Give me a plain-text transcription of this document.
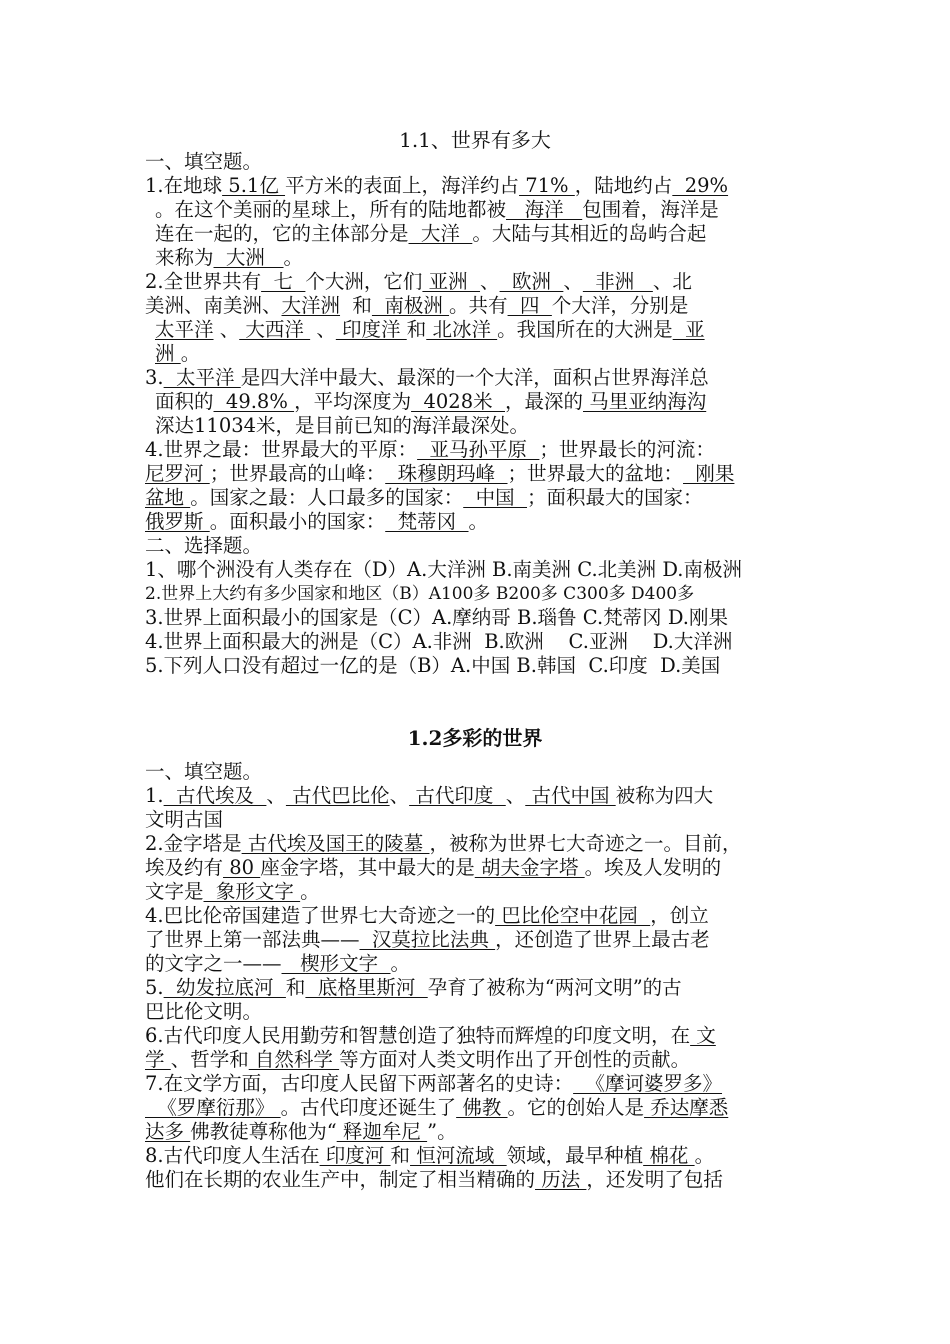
1.1、世界有多大
一、填空题。
1.在地球 5.1亿 平方米的表面上，海洋约占 71% ，陆地约占  29%
。在这个美丽的星球上，所有的陆地都被   海洋   包围着，海洋是
连在一起的，它的主体部分是  大洋  。大陆与其相近的岛屿合起
来称为  大洲   。
2.全世界共有  七  个大洲，它们 亚洲  、  欧洲  、  非洲   、北
美洲、南美洲、大洋洲  和  南极洲 。共有  四  个大洋，分别是
太平洋 、 大西洋  、 印度洋 和 北冰洋 。我国所在的大洲是  亚
洲 。
3.  太平洋 是四大洋中最大、最深的一个大洋，面积占世界海洋总
面积的  49.8% ，平均深度为  4028米  ，最深的 马里亚纳海沟
深达11034米，是目前已知的海洋最深处。
4.世界之最：世界最大的平原：  亚马孙平原  ；世界最长的河流：
尼罗河 ；世界最高的山峰：  珠穆朗玛峰  ；世界最大的盆地：  刚果
盆地 。国家之最：人口最多的国家：  中国  ；面积最大的国家：
俄罗斯 。面积最小的国家：  梵蒂冈  。
二、选择题。
1、哪个洲没有人类存在（D）A.大洋洲 B.南美洲 C.北美洲 D.南极洲
2.世界上大约有多少国家和地区（B）A100多 B200多 C300多 D400多
3.世界上面积最小的国家是（C）A.摩纳哥 B.瑙鲁 C.梵蒂冈 D.刚果
4.世界上面积最大的洲是（C）A.非洲  B.欧洲    C.亚洲    D.大洋洲
5.下列人口没有超过一亿的是（B）A.中国 B.韩国  C.印度  D.美国
1.2多彩的世界
一、填空题。
1.  古代埃及  、 古代巴比伦、 古代印度  、 古代中国 被称为四大
文明古国
2.金字塔是 古代埃及国王的陵墓 ，被称为世界七大奇迹之一。目前，
埃及约有 80 座金字塔，其中最大的是 胡夫金字塔 。埃及人发明的
文字是  象形文字 。
4.巴比伦帝国建造了世界七大奇迹之一的 巴比伦空中花园  ，创立
了世界上第一部法典——  汉莫拉比法典 ，还创造了世界上最古老
的文字之一——   楔形文字  。
5.  幼发拉底河  和  底格里斯河  孕育了被称为“两河文明”的古
巴比伦文明。
6.古代印度人民用勤劳和智慧创造了独特而辉煌的印度文明，在 文
学 、哲学和 自然科学 等方面对人类文明作出了开创性的贡献。
7.在文学方面，古印度人民留下两部著名的史诗：  《摩诃婆罗多》
《罗摩衍那》 。古代印度还诞生了 佛教 。它的创始人是 乔达摩悉
达多 佛教徒尊称他为“ 释迦牟尼 ”。
8.古代印度人生活在 印度河 和 恒河流域  领域，最早种植 棉花 。
他们在长期的农业生产中，制定了相当精确的 历法 ，还发明了包括
